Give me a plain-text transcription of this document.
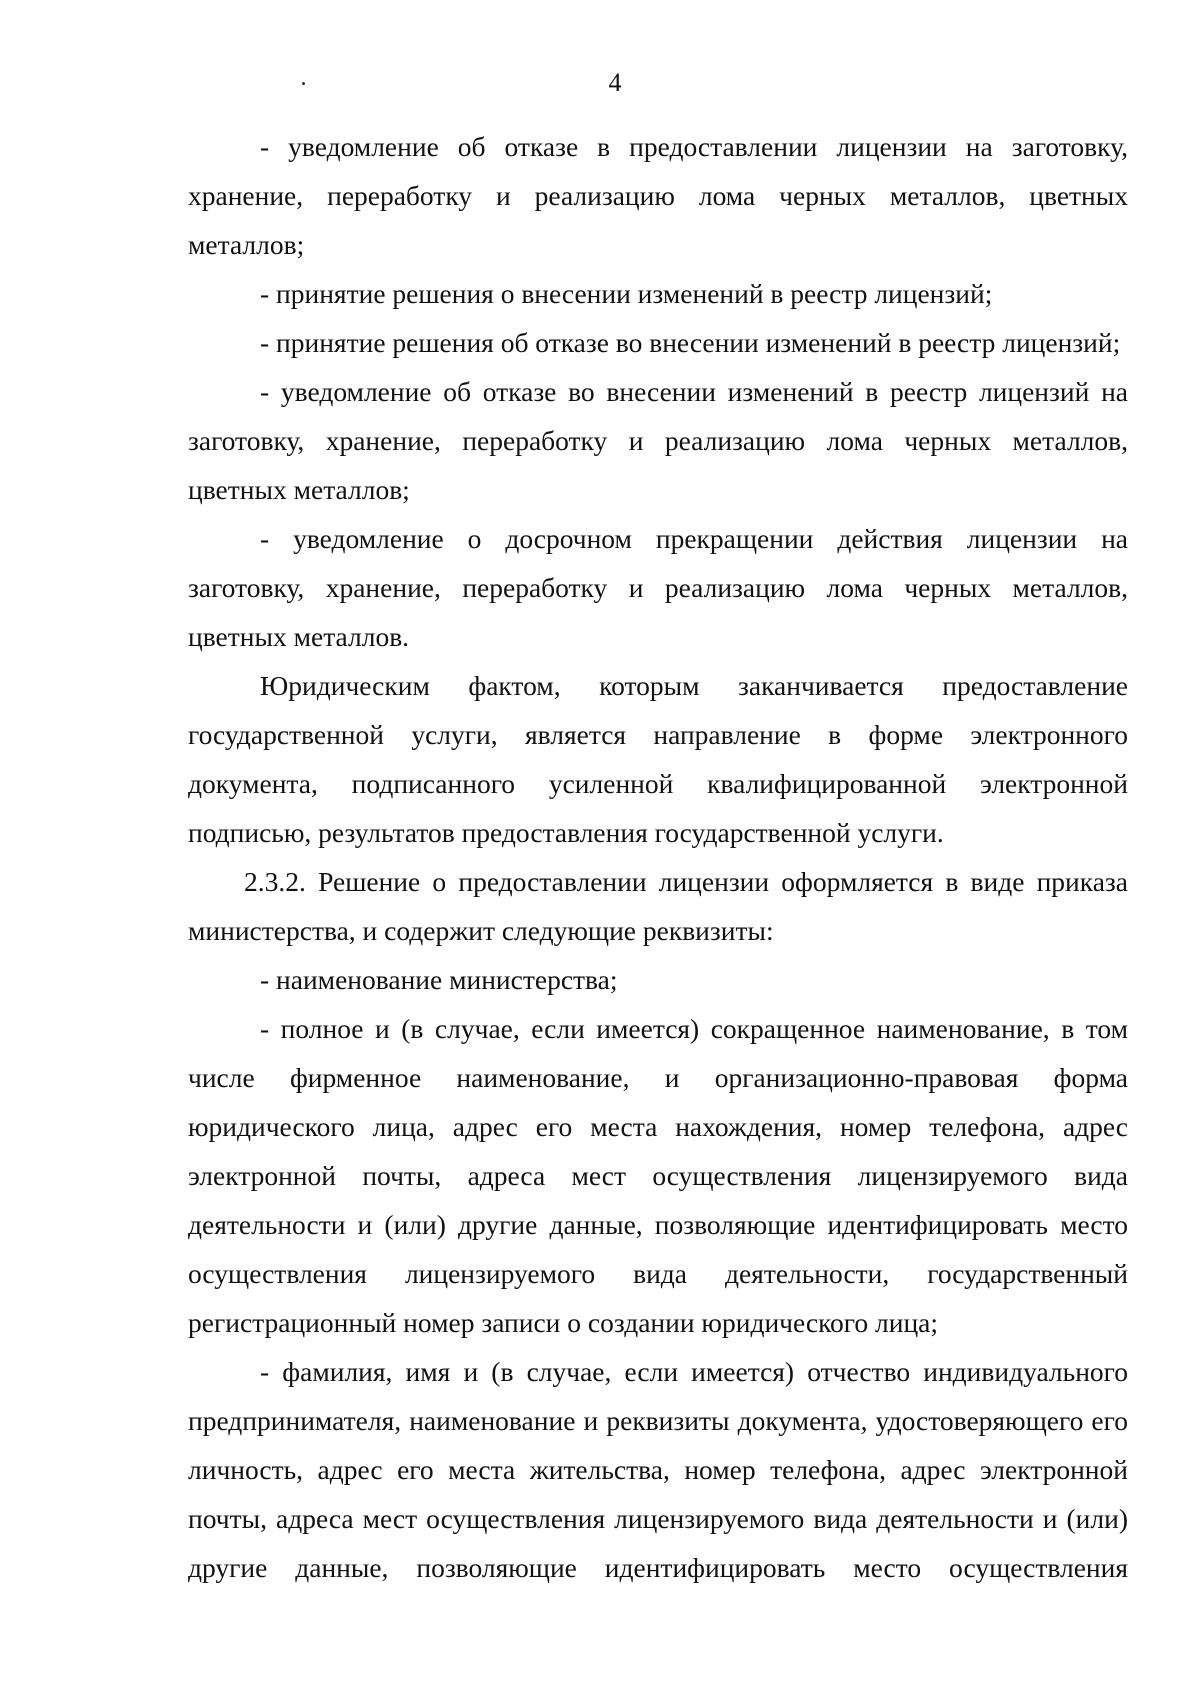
4

- уведомление об отказе в предоставлении лицензии на заготовку, хранение, переработку и реализацию лома черных металлов, цветных металлов;

- принятие решения о внесении изменений в реестр лицензий;

- принятие решения об отказе во внесении изменений в реестр лицензий;

- уведомление об отказе во внесении изменений в реестр лицензий на заготовку, хранение, переработку и реализацию лома черных металлов, цветных металлов;

- уведомление о досрочном прекращении действия лицензии на заготовку, хранение, переработку и реализацию лома черных металлов, цветных металлов.

Юридическим фактом, которым заканчивается предоставление государственной услуги, является направление в форме электронного документа, подписанного усиленной квалифицированной электронной подписью, результатов предоставления государственной услуги.

2.3.2. Решение о предоставлении лицензии оформляется в виде приказа министерства, и содержит следующие реквизиты:

- наименование министерства;

- полное и (в случае, если имеется) сокращенное наименование, в том числе фирменное наименование, и организационно-правовая форма юридического лица, адрес его места нахождения, номер телефона, адрес электронной почты, адреса мест осуществления лицензируемого вида деятельности и (или) другие данные, позволяющие идентифицировать место осуществления лицензируемого вида деятельности, государственный регистрационный номер записи о создании юридического лица;

- фамилия, имя и (в случае, если имеется) отчество индивидуального предпринимателя, наименование и реквизиты документа, удостоверяющего его личность, адрес его места жительства, номер телефона, адрес электронной почты, адреса мест осуществления лицензируемого вида деятельности и (или) другие данные, позволяющие идентифицировать место осуществления
